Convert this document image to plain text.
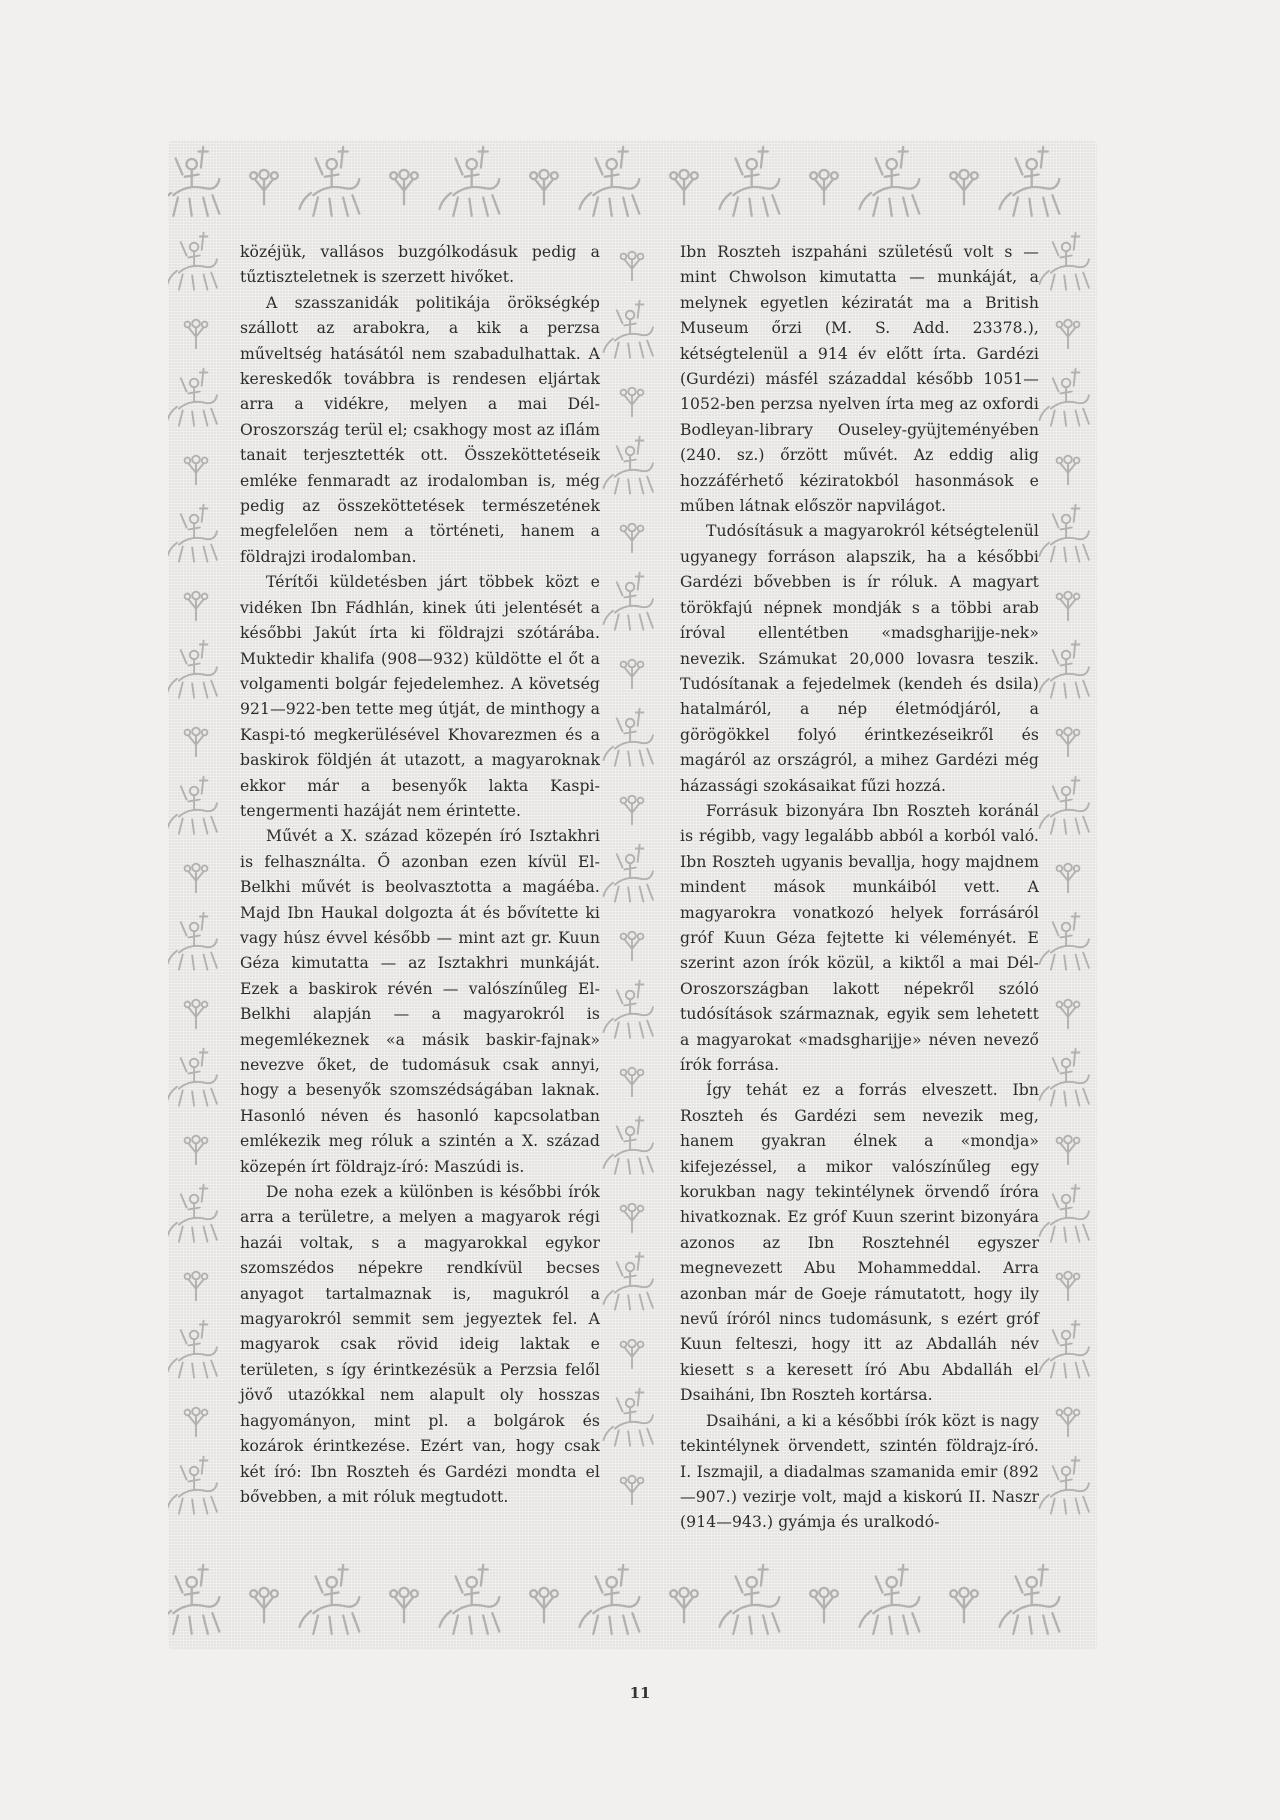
közéjük, vallásos buzgólkodásuk pedig a tűztiszteletnek is szerzett hivőket.

A szasszanidák politikája örökségkép szállott az arabokra, a kik a perzsa műveltség hatásától nem szabadulhattak. A kereskedők továbbra is rendesen eljártak arra a vidékre, melyen a mai Dél-Oroszország terül el; csakhogy most az iſlám tanait terjesztették ott. Összeköttetéseik emléke fenmaradt az irodalomban is, még pedig az összeköttetések természetének megfelelően nem a történeti, hanem a földrajzi irodalomban.

Térítői küldetésben járt többek közt e vidéken Ibn Fádhlán, kinek úti jelentését a későbbi Jakút írta ki földrajzi szótárába. Muktedir khalifa (908—932) küldötte el őt a volgamenti bolgár fejedelemhez. A követség 921—922-ben tette meg útját, de minthogy a Kaspi-tó megkerülésével Khovarezmen és a baskirok földjén át utazott, a magyaroknak ekkor már a besenyők lakta Kaspi-tengermenti hazáját nem érintette.

Művét a X. század közepén író Isztakhri is felhasználta. Ő azonban ezen kívül El-Belkhi művét is beolvasztotta a magáéba. Majd Ibn Haukal dolgozta át és bővítette ki vagy húsz évvel később — mint azt gr. Kuun Géza kimutatta — az Isztakhri munkáját. Ezek a baskirok révén — valószínűleg El-Belkhi alapján — a magyarokról is megemlékeznek «a másik baskir-fajnak» nevezve őket, de tudomásuk csak annyi, hogy a besenyők szomszédságában laknak. Hasonló néven és hasonló kapcsolatban emlékezik meg róluk a szintén a X. század közepén írt földrajz-író: Maszúdi is.

De noha ezek a különben is későbbi írók arra a területre, a melyen a magyarok régi hazái voltak, s a magyarokkal egykor szomszédos népekre rendkívül becses anyagot tartalmaznak is, magukról a magyarokról semmit sem jegyeztek fel. A magyarok csak rövid ideig laktak e területen, s így érintkezésük a Perzsia felől jövő utazókkal nem alapult oly hosszas hagyományon, mint pl. a bolgárok és kozárok érintkezése. Ezért van, hogy csak két író: Ibn Roszteh és Gardézi mondta el bővebben, a mit róluk megtudott.

Ibn Roszteh iszpaháni születésű volt s — mint Chwolson kimutatta — munkáját, a melynek egyetlen kéziratát ma a British Museum őrzi (M. S. Add. 23378.), kétségtelenül a 914 év előtt írta. Gardézi (Gurdézi) másfél századdal később 1051—1052-ben perzsa nyelven írta meg az oxfordi Bodleyan-library Ouseley-gyüjteményében (240. sz.) őrzött művét. Az eddig alig hozzáférhető kéziratokból hasonmások e műben látnak először napvilágot.

Tudósításuk a magyarokról kétségtelenül ugyanegy forráson alapszik, ha a későbbi Gardézi bővebben is ír róluk. A magyart törökfajú népnek mondják s a többi arab íróval ellentétben «madsgharijje-nek» nevezik. Számukat 20,000 lovasra teszik. Tudósítanak a fejedelmek (kendeh és dsila) hatalmáról, a nép életmódjáról, a görögökkel folyó érintkezéseikről és magáról az országról, a mihez Gardézi még házassági szokásaikat fűzi hozzá.

Forrásuk bizonyára Ibn Roszteh koránál is régibb, vagy legalább abból a korból való. Ibn Roszteh ugyanis bevallja, hogy majdnem mindent mások munkáiból vett. A magyarokra vonatkozó helyek forrásáról gróf Kuun Géza fejtette ki véleményét. E szerint azon írók közül, a kiktől a mai Dél-Oroszországban lakott népekről szóló tudósítások származnak, egyik sem lehetett a magyarokat «madsgharijje» néven nevező írók forrása.

Így tehát ez a forrás elveszett. Ibn Roszteh és Gardézi sem nevezik meg, hanem gyakran élnek a «mondja» kifejezéssel, a mikor valószínűleg egy korukban nagy tekintélynek örvendő íróra hivatkoznak. Ez gróf Kuun szerint bizonyára azonos az Ibn Rosztehnél egyszer megnevezett Abu Mohammeddal. Arra azonban már de Goeje rámutatott, hogy ily nevű íróról nincs tudomásunk, s ezért gróf Kuun felteszi, hogy itt az Abdalláh név kiesett s a keresett író Abu Abdalláh el Dsaiháni, Ibn Roszteh kortársa.

Dsaiháni, a ki a későbbi írók közt is nagy tekintélynek örvendett, szintén földrajz-író. I. Iszmajil, a diadalmas szamanida emir (892—907.) vezirje volt, majd a kiskorú II. Naszr (914—943.) gyámja és uralkodó-

11
